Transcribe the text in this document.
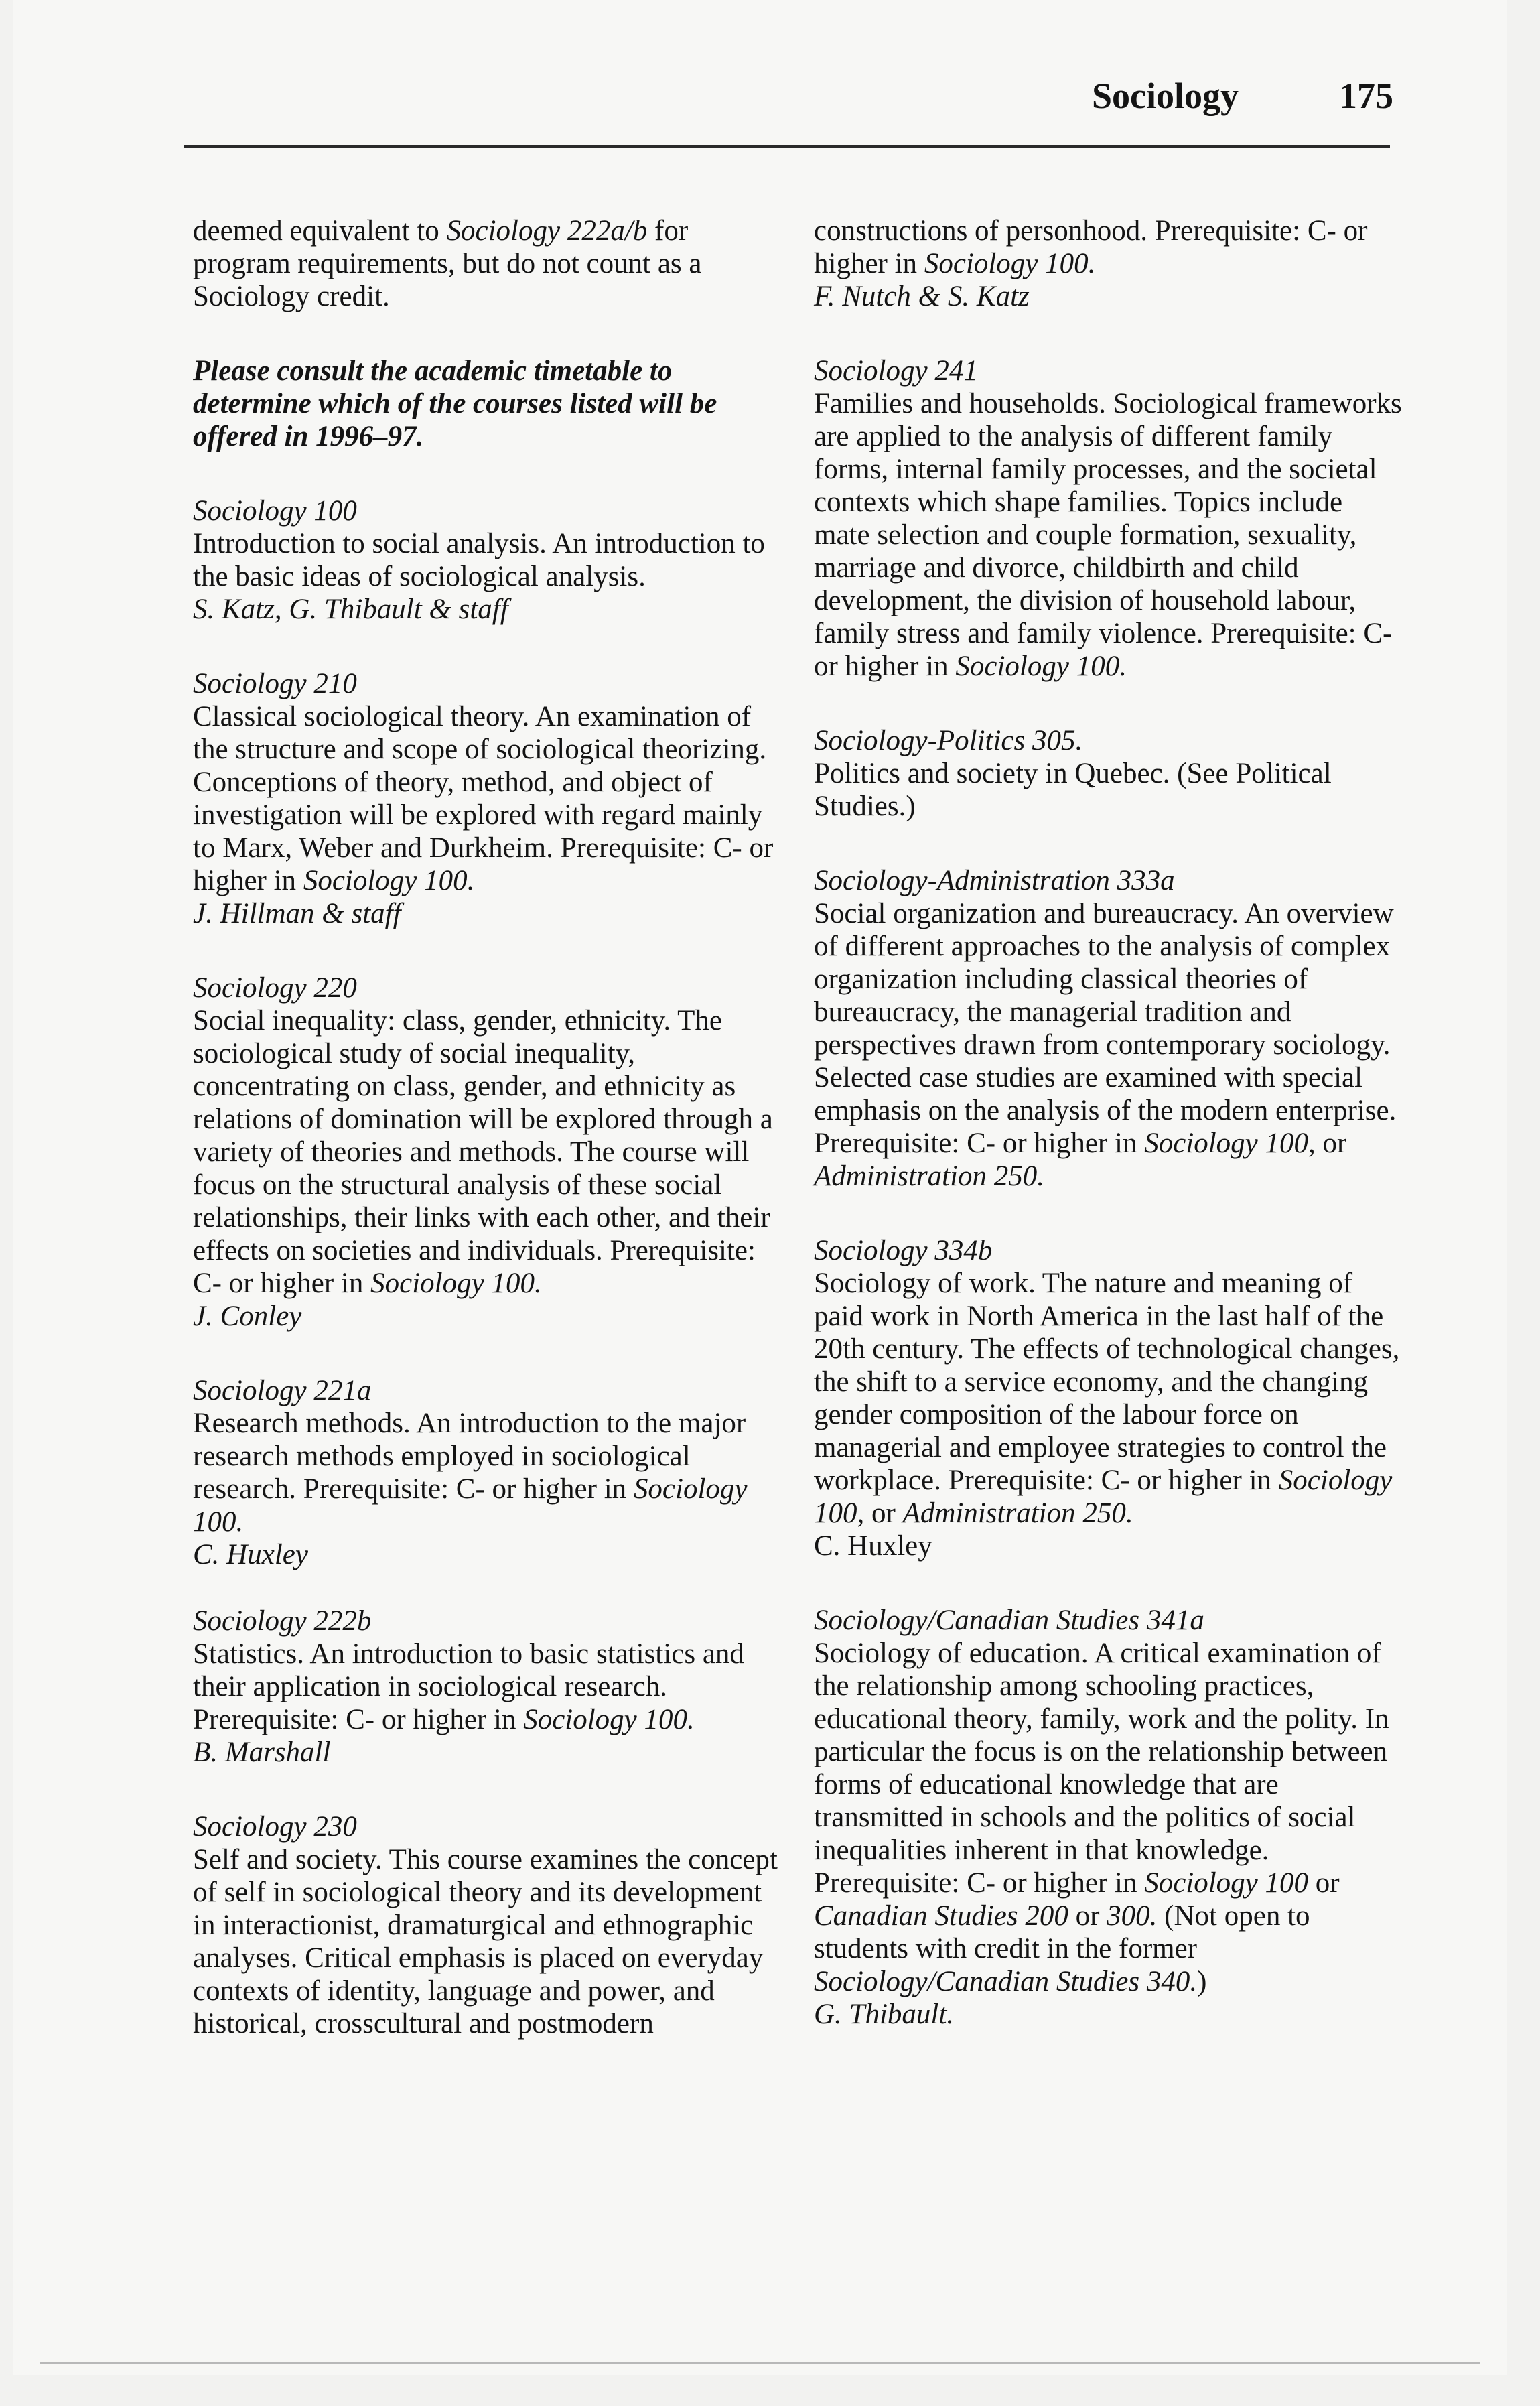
Sociology	175

deemed equivalent to Sociology 222a/b for program requirements, but do not count as a Sociology credit.

Please consult the academic timetable to determine which of the courses listed will be offered in 1996–97.

Sociology 100
Introduction to social analysis. An introduction to the basic ideas of sociological analysis.
S. Katz, G. Thibault & staff

Sociology 210
Classical sociological theory. An examination of the structure and scope of sociological theorizing. Conceptions of theory, method, and object of investigation will be explored with regard mainly to Marx, Weber and Durkheim. Prerequisite: C- or higher in Sociology 100.
J. Hillman & staff

Sociology 220
Social inequality: class, gender, ethnicity. The sociological study of social inequality, concentrating on class, gender, and ethnicity as relations of domination will be explored through a variety of theories and methods. The course will focus on the structural analysis of these social relationships, their links with each other, and their effects on societies and individuals. Prerequisite: C- or higher in Sociology 100.
J. Conley

Sociology 221a
Research methods. An introduction to the major research methods employed in sociological research. Prerequisite: C- or higher in Sociology 100.
C. Huxley

Sociology 222b
Statistics. An introduction to basic statistics and their application in sociological research. Prerequisite: C- or higher in Sociology 100.
B. Marshall

Sociology 230
Self and society. This course examines the concept of self in sociological theory and its development in interactionist, dramaturgical and ethnographic analyses. Critical emphasis is placed on everyday contexts of identity, language and power, and historical, crosscultural and postmodern

constructions of personhood. Prerequisite: C- or higher in Sociology 100.
F. Nutch & S. Katz

Sociology 241
Families and households. Sociological frameworks are applied to the analysis of different family forms, internal family processes, and the societal contexts which shape families. Topics include mate selection and couple formation, sexuality, marriage and divorce, childbirth and child development, the division of household labour, family stress and family violence. Prerequisite: C- or higher in Sociology 100.

Sociology-Politics 305.
Politics and society in Quebec. (See Political Studies.)

Sociology-Administration 333a
Social organization and bureaucracy. An overview of different approaches to the analysis of complex organization including classical theories of bureaucracy, the managerial tradition and perspectives drawn from contemporary sociology. Selected case studies are examined with special emphasis on the analysis of the modern enterprise. Prerequisite: C- or higher in Sociology 100, or Administration 250.

Sociology 334b
Sociology of work. The nature and meaning of paid work in North America in the last half of the 20th century. The effects of technological changes, the shift to a service economy, and the changing gender composition of the labour force on managerial and employee strategies to control the workplace. Prerequisite: C- or higher in Sociology 100, or Administration 250.
C. Huxley

Sociology/Canadian Studies 341a
Sociology of education. A critical examination of the relationship among schooling practices, educational theory, family, work and the polity. In particular the focus is on the relationship between forms of educational knowledge that are transmitted in schools and the politics of social inequalities inherent in that knowledge. Prerequisite: C- or higher in Sociology 100 or Canadian Studies 200 or 300. (Not open to students with credit in the former Sociology/Canadian Studies 340.)
G. Thibault.
